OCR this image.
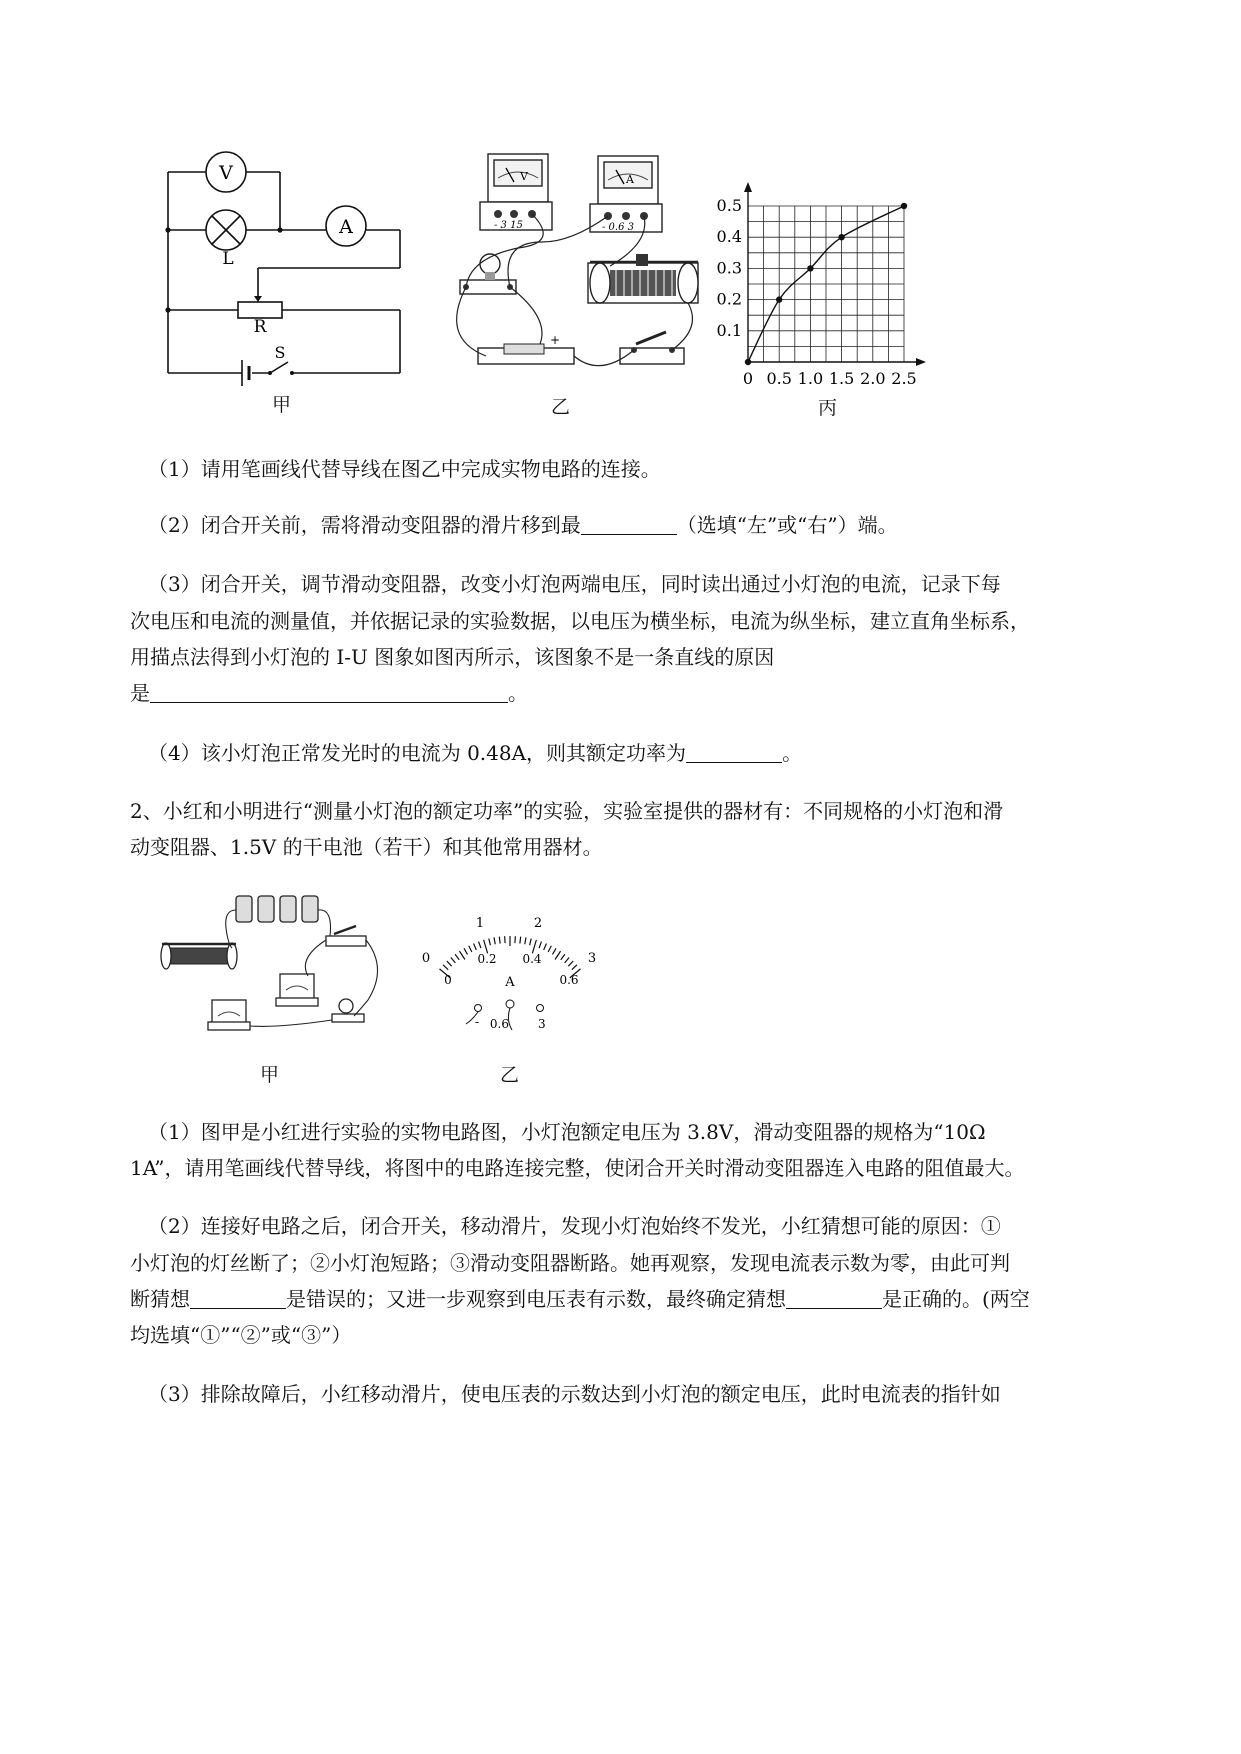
V
A
L
R
S
甲
V	A
- 3 15	- 0.6 3
+
乙
0 0.5 1.0 1.5 2.0 2.5
0.1
0.2
0.3
0.4
0.5
丙
（1）请用笔画线代替导线在图乙中完成实物电路的连接。
（2）闭合开关前，需将滑动变阻器的滑片移到最	（选填“左”或“右”）端。
（3）闭合开关，调节滑动变阻器，改变小灯泡两端电压，同时读出通过小灯泡的电流，记录下每
次电压和电流的测量值，并依据记录的实验数据，以电压为横坐标，电流为纵坐标，建立直角坐标系，
用描点法得到小灯泡的 I-U 图象如图丙所示，该图象不是一条直线的原因
是	。
（4）该小灯泡正常发光时的电流为 0.48A，则其额定功率为	。
2、小红和小明进行“测量小灯泡的额定功率”的实验，实验室提供的器材有：不同规格的小灯泡和滑
动变阻器、1.5V 的干电池（若干）和其他常用器材。
甲
1	2
0	3
0
0.2 0.4
0.6
A
- 0.6 3
乙
（1）图甲是小红进行实验的实物电路图，小灯泡额定电压为 3.8V，滑动变阻器的规格为“10Ω
1A”，请用笔画线代替导线，将图中的电路连接完整，使闭合开关时滑动变阻器连入电路的阻值最大。
（2）连接好电路之后，闭合开关，移动滑片，发现小灯泡始终不发光，小红猜想可能的原因：①
小灯泡的灯丝断了；②小灯泡短路；③滑动变阻器断路。她再观察，发现电流表示数为零，由此可判
断猜想	是错误的；又进一步观察到电压表有示数，最终确定猜想	是正确的。(两空
均选填“①”“②”或“③”）
（3）排除故障后，小红移动滑片，使电压表的示数达到小灯泡的额定电压，此时电流表的指针如
